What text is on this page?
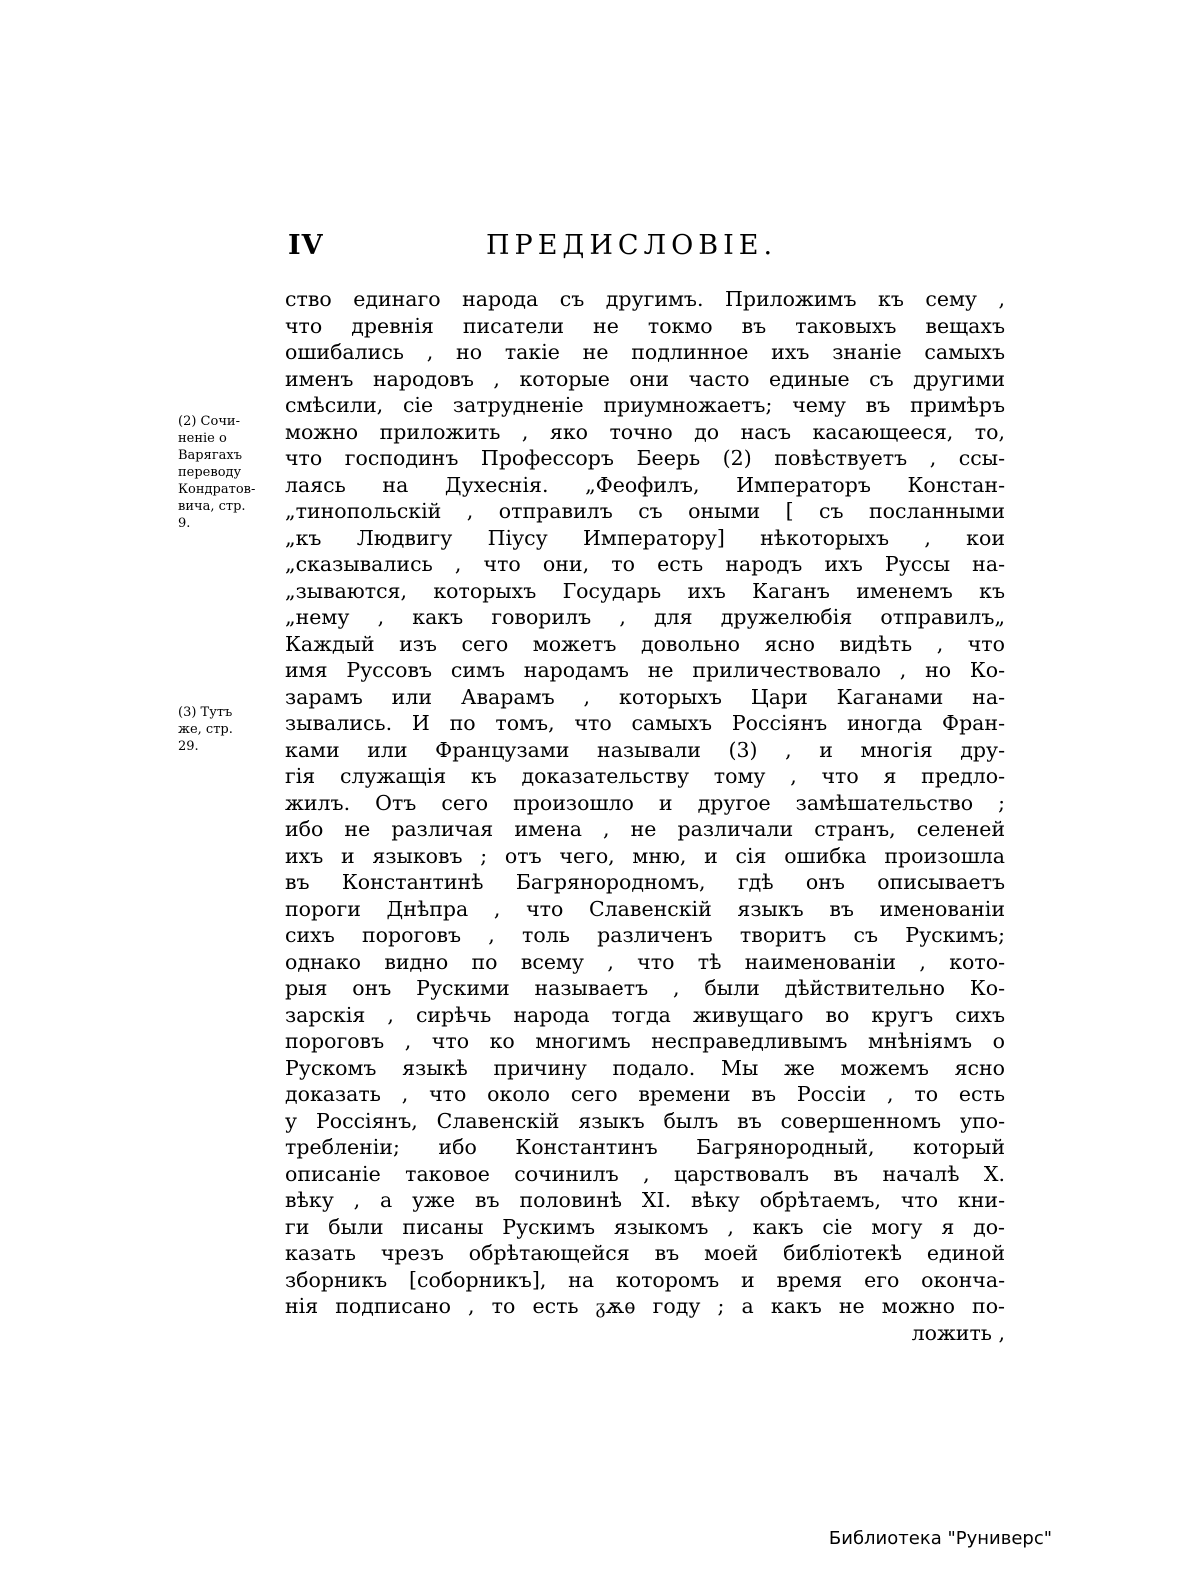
IV	ПРЕДИСЛОВІЕ.
(2) Сочи-
неніе о
Варягахъ
переводу
Кондратов-
вича, стр.
9.
(3) Тутъ
же, стр.
29.
ство единаго народа съ другимъ. Приложимъ къ сему ,
что древнія писатели не токмо въ таковыхъ вещахъ
ошибались , но такіе не подлинное ихъ знаніе самыхъ
именъ народовъ , которые они часто единые съ другими
смѣсили, сіе затрудненіе приумножаетъ; чему въ примѣръ
можно приложить , яко точно до насъ касающееся, то,
что господинъ Профессоръ Беерь (2) повѣствуетъ , ссы-
лаясь на Духеснія. „Феофилъ, Императоръ Констан-
„тинопольскій , отправилъ съ оными [ съ посланными
„къ Людвигу Пiусу Императору] нѣкоторыхъ , кои
„сказывались , что они, то есть народъ ихъ Руссы на-
„зываются, которыхъ Государь ихъ Каганъ именемъ къ
„нему , какъ говорилъ , для дружелюбія отправилъ„
Каждый изъ сего можетъ довольно ясно видѣть , что
имя Руссовъ симъ народамъ не приличествовало , но Ко-
зарамъ или Аварамъ , которыхъ Цари Каганами на-
зывались. И по томъ, что самыхъ Россіянъ иногда Фран-
ками или Французами называли (3) , и многія дру-
гія служащія къ доказательству тому , что я предло-
жилъ. Отъ сего произошло и другое замѣшательство ;
ибо не различая имена , не различали странъ, селеней
ихъ и языковъ ; отъ чего, мню, и сія ошибка произошла
въ Константинѣ Багрянородномъ, гдѣ онъ описываетъ
пороги Днѣпра , что Славенскій языкъ въ именованіи
сихъ пороговъ , толь различенъ творитъ съ Рускимъ;
однако видно по всему , что тѣ наименованіи , кото-
рыя онъ Рускими называетъ , были дѣйствительно Ко-
зарскія , сирѣчь народа тогда живущаго во кругъ сихъ
пороговъ , что ко многимъ несправедливымъ мнѣніямъ о
Рускомъ языкѣ причину подало. Мы же можемъ ясно
доказать , что около сего времени въ Россіи , то есть
у Россіянъ, Славенскій языкъ былъ въ совершенномъ упо-
требленіи; ибо Константинъ Багрянородный, который
описаніе таковое сочинилъ , царствовалъ въ началѣ X.
вѣку , а уже въ половинѣ XI. вѣку обрѣтаемъ, что кни-
ги были писаны Рускимъ языкомъ , какъ сіе могу я до-
казать чрезъ обрѣтающейся въ моей библіотекѣ единой
зборникъ [соборникъ], на которомъ и время его оконча-
нія подписано , то есть ᵹѫѳ году ; а какъ не можно по-
ложить ,
Библиотека "Руниверс"
